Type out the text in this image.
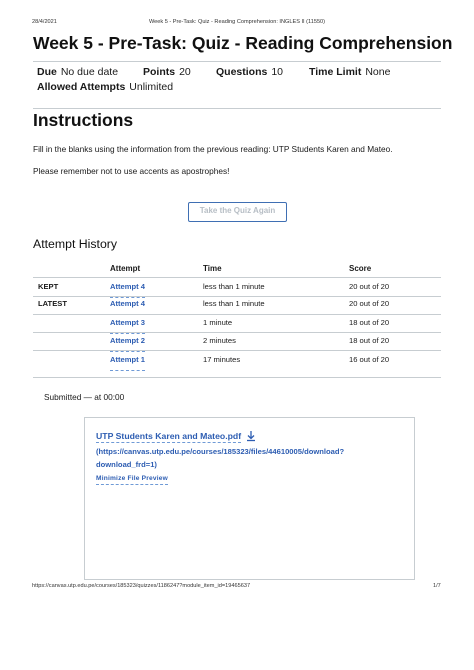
28/4/2021	Week 5 - Pre-Task: Quiz - Reading Comprehension: INGLES II (11550)
Week 5 - Pre-Task: Quiz - Reading Comprehension
Due No due date Points 20 Questions 10 Time Limit None
Allowed Attempts Unlimited
Instructions
Fill in the blanks using the information from the previous reading: UTP Students Karen and Mateo.
Please remember not to use accents as apostrophes!
Take the Quiz Again
Attempt History
Attempt	Time	Score
KEPT	Attempt 4	less than 1 minute	20 out of 20
LATEST	Attempt 4	less than 1 minute	20 out of 20
Attempt 3	1 minute	18 out of 20
Attempt 2	2 minutes	18 out of 20
Attempt 1	17 minutes	16 out of 20
Submitted — at 00:00
UTP Students Karen and Mateo.pdf
(https://canvas.utp.edu.pe/courses/185323/files/44610005/download?
download_frd=1)
Minimize File Preview
https://canvas.utp.edu.pe/courses/185323/quizzes/1186247?module_item_id=19465637	1/7
